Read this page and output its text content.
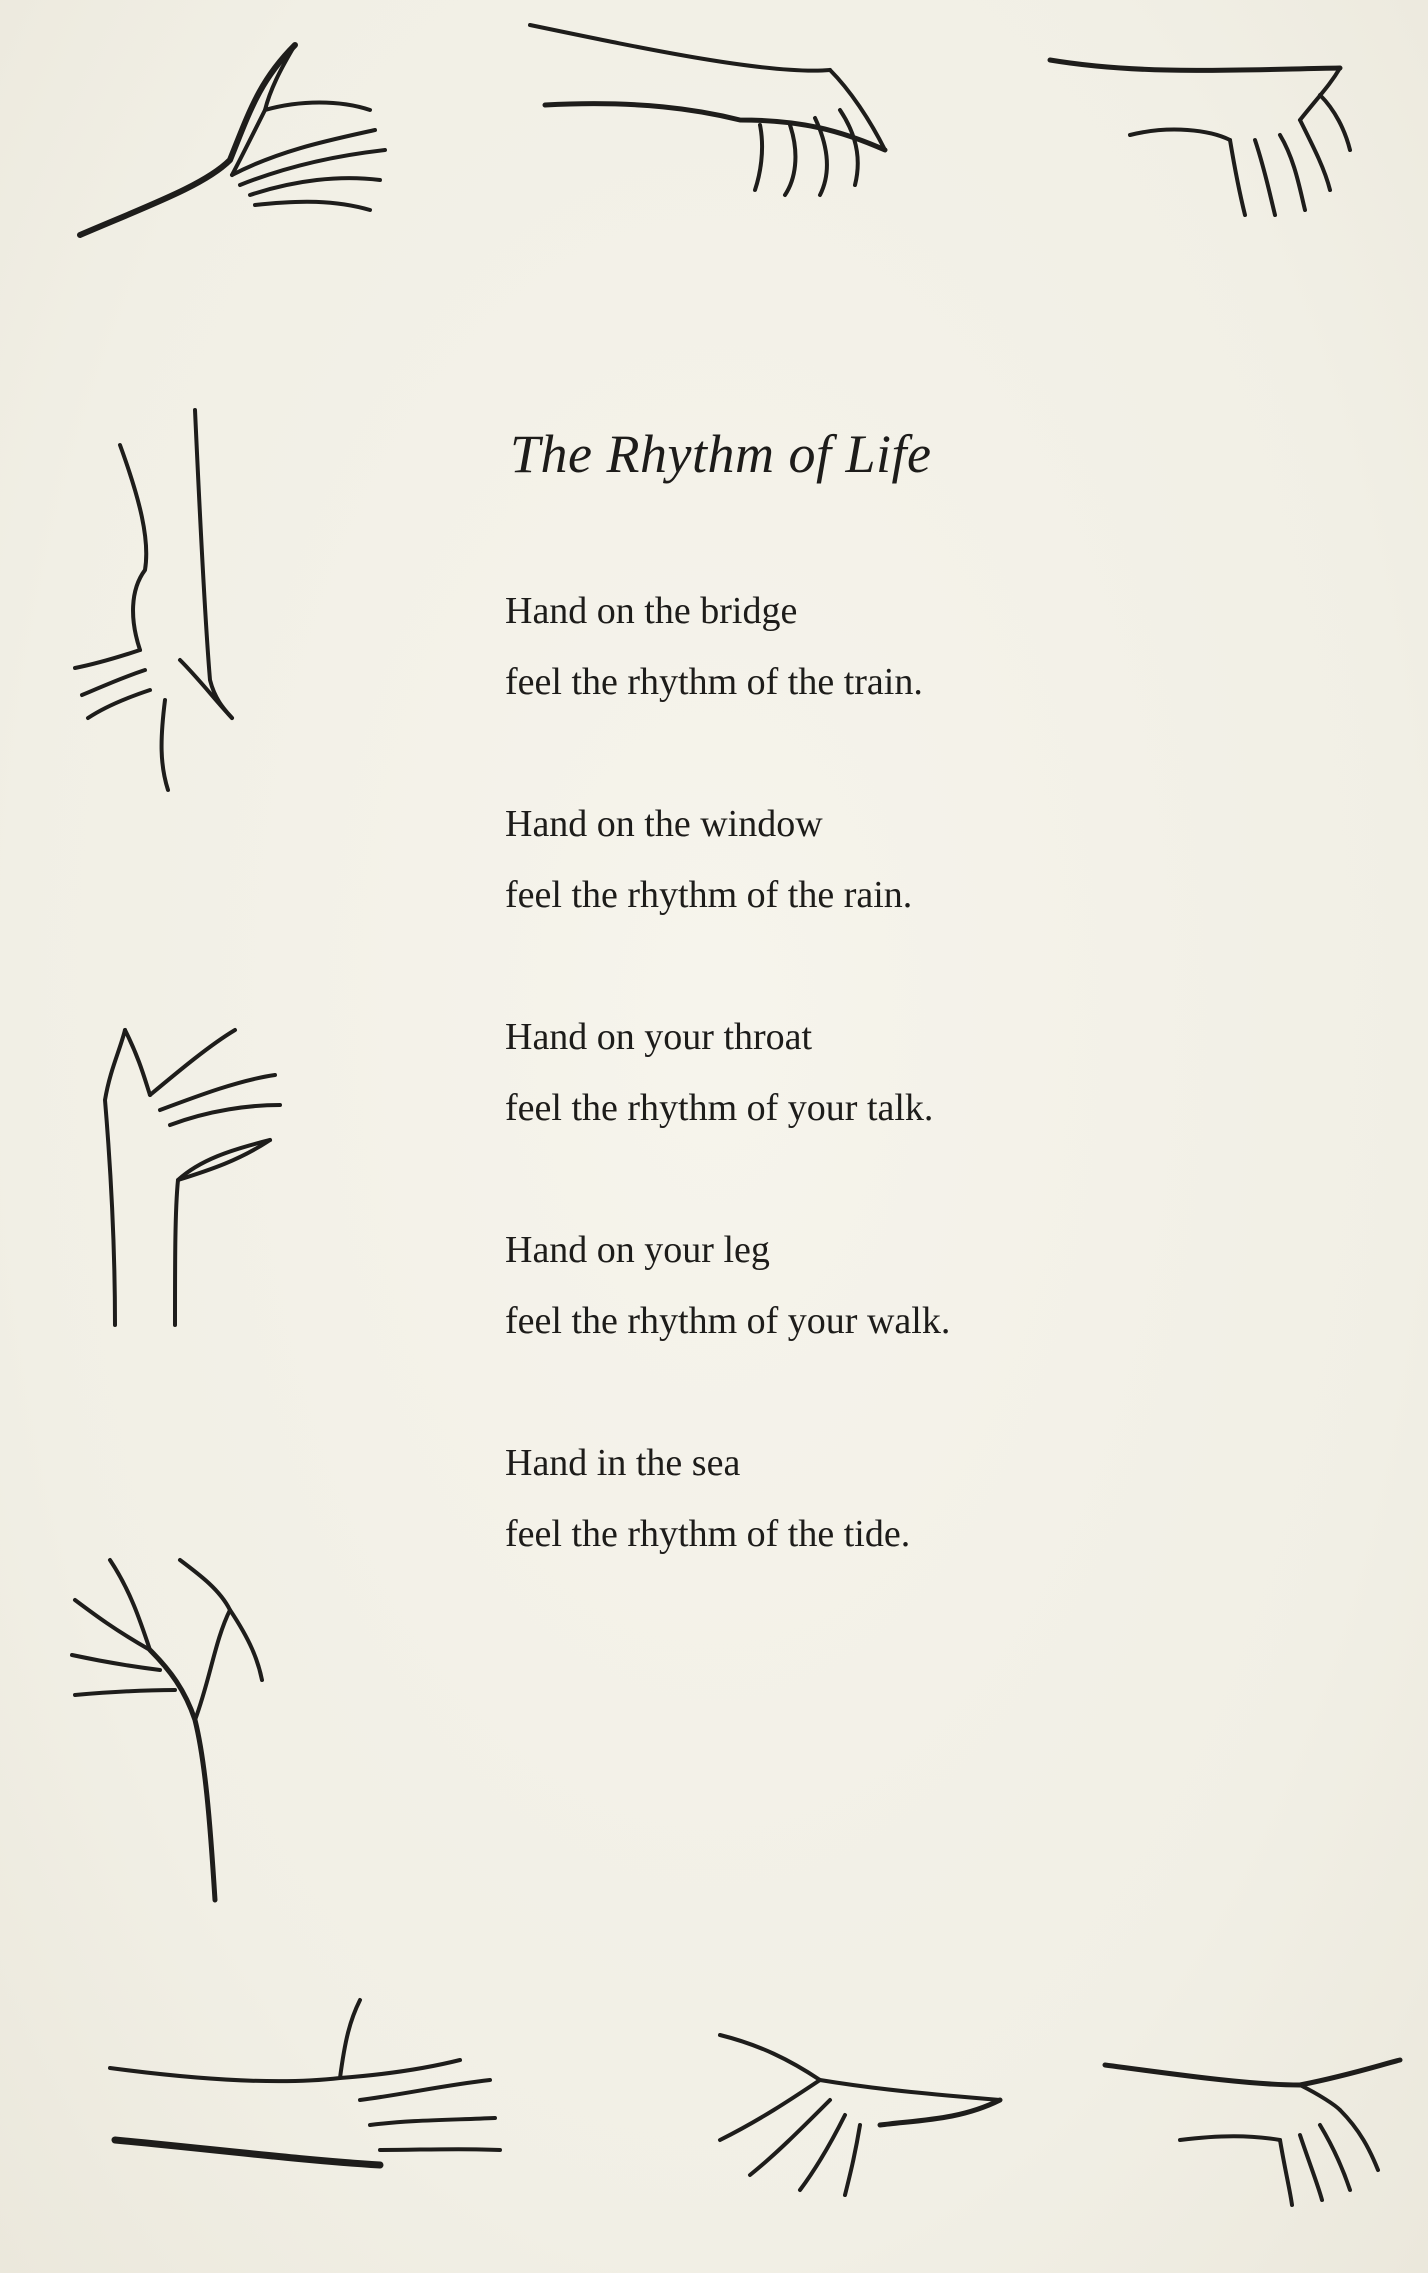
The Rhythm of Life
Hand on the bridge
feel the rhythm of the train.
Hand on the window
feel the rhythm of the rain.
Hand on your throat
feel the rhythm of your talk.
Hand on your leg
feel the rhythm of your walk.
Hand in the sea
feel the rhythm of the tide.
